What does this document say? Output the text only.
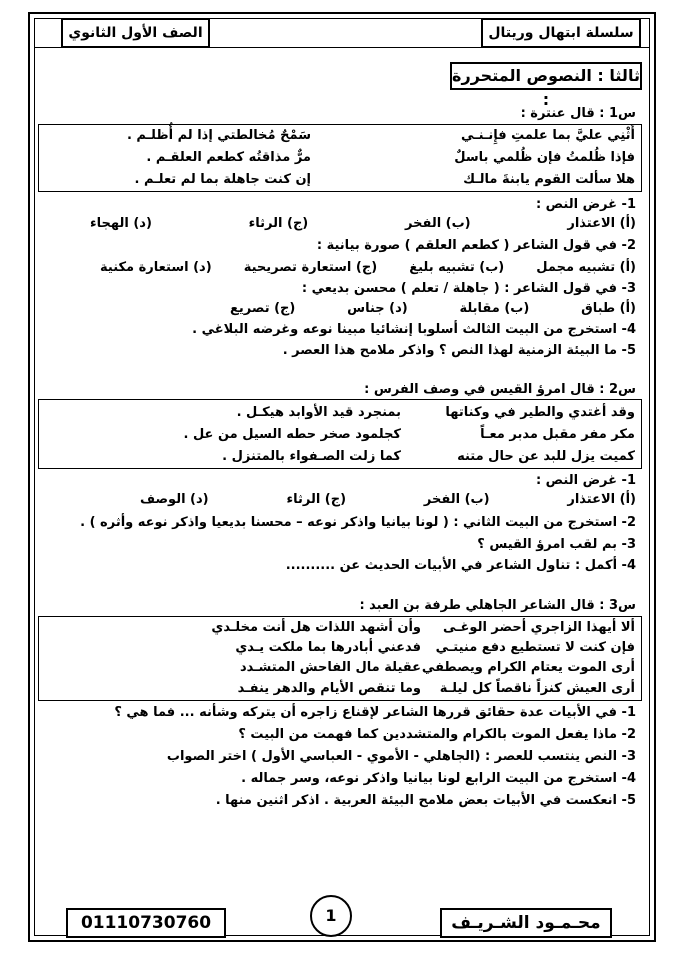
سلسلة ابتهال وريتال
الصف الأول الثانوي
ثالثا : النصوص المتحررة :
س1 : قال عنترة :
أَثْنِي عليَّ بما علمتِ فإِنـنـي
سَمْحٌ مُخالطتي إذا لم أُظلـم .
فإذا ظُلمتُ فإن ظُلمي باسلٌ
مرٌّ مذاقتُه كطعم العلقـم .
هلا سألت القوم يابنةَ مالـك
إن كنت جاهلة بما لم تعلـم .
1- غرض النص :
(أ) الاعتذار
(ب) الفخر
(ج) الرثاء
(د) الهجاء
2- في قول الشاعر ( كطعم العلقم ) صورة بيانية :
(أ) تشبيه مجمل
(ب) تشبيه بليغ
(ج) استعارة تصريحية
(د) استعارة مكنية
3- في قول الشاعر : ( جاهلة / تعلم ) محسن بديعي :
(أ) طباق
(ب) مقابلة
(د) جناس
(ج) تصريع
4- استخرج من البيت الثالث أسلوبا إنشائيا مبينا نوعه وغرضه البلاغي .
5- ما البيئة الزمنية لهذا النص ؟ واذكر ملامح هذا العصر .
س2 : قال امرؤ القيس في وصف الفرس :
وقد أغتدي والطير في وكناتها
بمنجرد قيد الأوابد هيكـل .
مكر مفر مقبل مدبر معـاً
كجلمود صخر حطه السيل من عل .
كميت يزل للبد عن حال متنه
كما زلت الصـفواء بالمتنزل .
1- غرض النص :
(أ) الاعتذار
(ب) الفخر
(ج) الرثاء
(د) الوصف
2- استخرج من البيت الثاني : ( لونا بيانيا واذكر نوعه – محسنا بديعيا واذكر نوعه وأثره ) .
3- بم لقب امرؤ القيس ؟
4- أكمل : تناول الشاعر في الأبيات الحديث عن ..........
س3 : قال الشاعر الجاهلي طرفة بن العبد :
ألا أيهذا الزاجري أحضر الوغـى
وأن أشهد اللذات هل أنت مخلـدي
فإن كنت لا تستطيع دفع منيتـي
فدعني أبادرها بما ملكت يـدي
أرى الموت يعتام الكرام ويصطفي
عقيلة مال الفاحش المتشـدد
أرى العيش كنزاً ناقصاً كل ليلـة
وما تنقص الأيام والدهر ينفـد
1- في الأبيات عدة حقائق قررها الشاعر لإقناع زاجره أن يتركه وشأنه ... فما هي ؟
2- ماذا يفعل الموت بالكرام والمتشددين كما فهمت من البيت ؟
3- النص ينتسب للعصر : (الجاهلي - الأموي - العباسي الأول ) اختر الصواب
4- استخرج من البيت الرابع لونا بيانيا واذكر نوعه، وسر جماله .
5- انعكست في الأبيات بعض ملامح البيئة العربية . اذكر اثنين منها .
محـمـود الشـريـف
01110730760	1
